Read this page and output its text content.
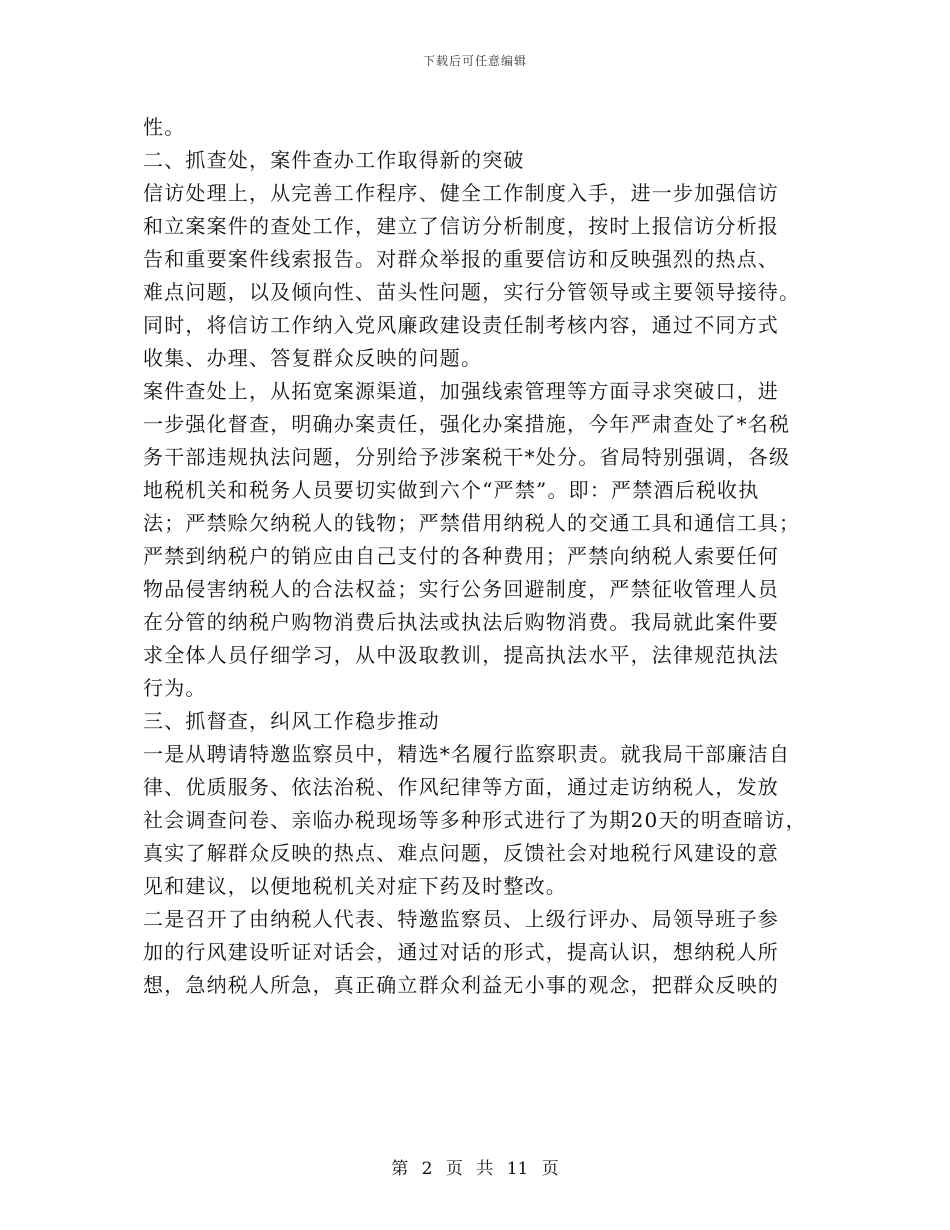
下载后可任意编辑
性。
二、抓查处，案件查办工作取得新的突破
信访处理上，从完善工作程序、健全工作制度入手，进一步加强信访
和立案案件的查处工作，建立了信访分析制度，按时上报信访分析报
告和重要案件线索报告。对群众举报的重要信访和反映强烈的热点、
难点问题，以及倾向性、苗头性问题，实行分管领导或主要领导接待。
同时，将信访工作纳入党风廉政建设责任制考核内容，通过不同方式
收集、办理、答复群众反映的问题。
案件查处上，从拓宽案源渠道，加强线索管理等方面寻求突破口，进
一步强化督查，明确办案责任，强化办案措施，今年严肃查处了*名税
务干部违规执法问题，分别给予涉案税干*处分。省局特别强调，各级
地税机关和税务人员要切实做到六个“严禁”。即：严禁酒后税收执
法；严禁赊欠纳税人的钱物；严禁借用纳税人的交通工具和通信工具；
严禁到纳税户的销应由自己支付的各种费用；严禁向纳税人索要任何
物品侵害纳税人的合法权益；实行公务回避制度，严禁征收管理人员
在分管的纳税户购物消费后执法或执法后购物消费。我局就此案件要
求全体人员仔细学习，从中汲取教训，提高执法水平，法律规范执法
行为。
三、抓督查，纠风工作稳步推动
一是从聘请特邀监察员中，精选*名履行监察职责。就我局干部廉洁自
律、优质服务、依法治税、作风纪律等方面，通过走访纳税人，发放
社会调查问卷、亲临办税现场等多种形式进行了为期20天的明查暗访，
真实了解群众反映的热点、难点问题，反馈社会对地税行风建设的意
见和建议，以便地税机关对症下药及时整改。
二是召开了由纳税人代表、特邀监察员、上级行评办、局领导班子参
加的行风建设听证对话会，通过对话的形式，提高认识，想纳税人所
想，急纳税人所急，真正确立群众利益无小事的观念，把群众反映的
第 2 页 共 11 页
